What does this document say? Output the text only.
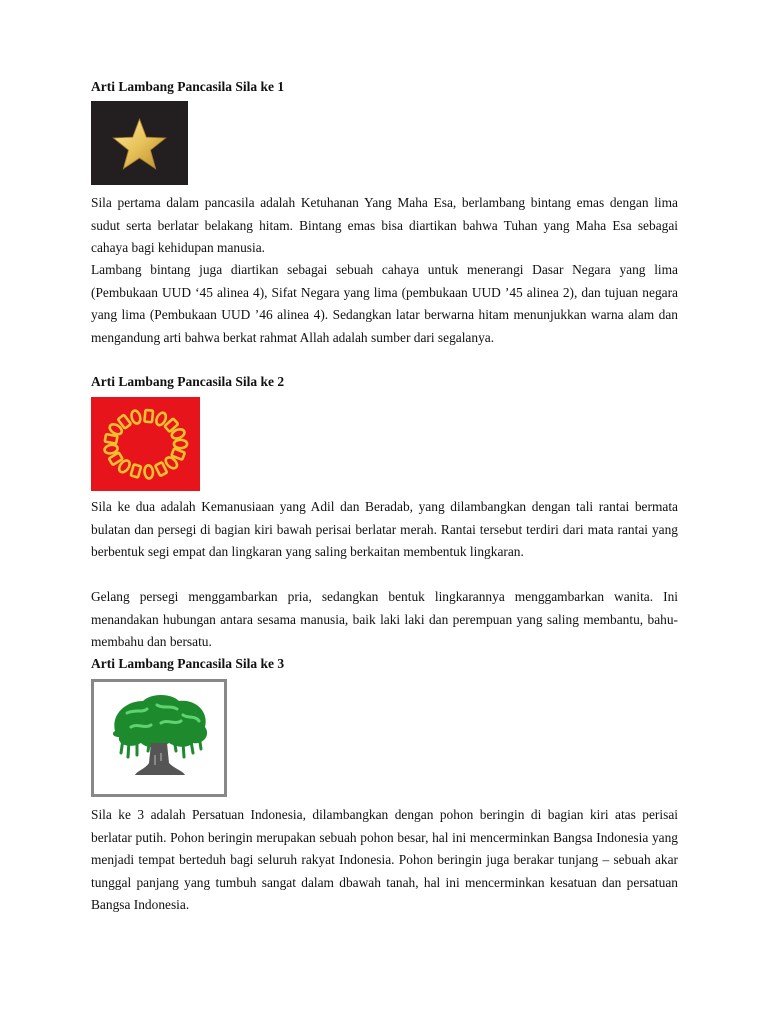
Arti Lambang Pancasila Sila ke 1

Sila pertama dalam pancasila adalah Ketuhanan Yang Maha Esa, berlambang bintang emas dengan lima sudut serta berlatar belakang hitam. Bintang emas bisa diartikan bahwa Tuhan yang Maha Esa sebagai cahaya bagi kehidupan manusia.

Lambang bintang juga diartikan sebagai sebuah cahaya untuk menerangi Dasar Negara yang lima (Pembukaan UUD ‘45 alinea 4), Sifat Negara yang lima (pembukaan UUD ’45 alinea 2), dan tujuan negara yang lima (Pembukaan UUD ’46 alinea 4). Sedangkan latar berwarna hitam menunjukkan warna alam dan mengandung arti bahwa berkat rahmat Allah adalah sumber dari segalanya.

Arti Lambang Pancasila Sila ke 2

Sila ke dua adalah Kemanusiaan yang Adil dan Beradab, yang dilambangkan dengan tali rantai bermata bulatan dan persegi di bagian kiri bawah perisai berlatar merah. Rantai tersebut terdiri dari mata rantai yang berbentuk segi empat dan lingkaran yang saling berkaitan membentuk lingkaran.

Gelang persegi menggambarkan pria, sedangkan bentuk lingkarannya menggambarkan wanita. Ini menandakan hubungan antara sesama manusia, baik laki laki dan perempuan yang saling membantu, bahu-membahu dan bersatu.

Arti Lambang Pancasila Sila ke 3

Sila ke 3 adalah Persatuan Indonesia, dilambangkan dengan pohon beringin di bagian kiri atas perisai berlatar putih. Pohon beringin merupakan sebuah pohon besar, hal ini mencerminkan Bangsa Indonesia yang menjadi tempat berteduh bagi seluruh rakyat Indonesia. Pohon beringin juga berakar tunjang – sebuah akar tunggal panjang yang tumbuh sangat dalam dbawah tanah, hal ini mencerminkan kesatuan dan persatuan Bangsa Indonesia.
